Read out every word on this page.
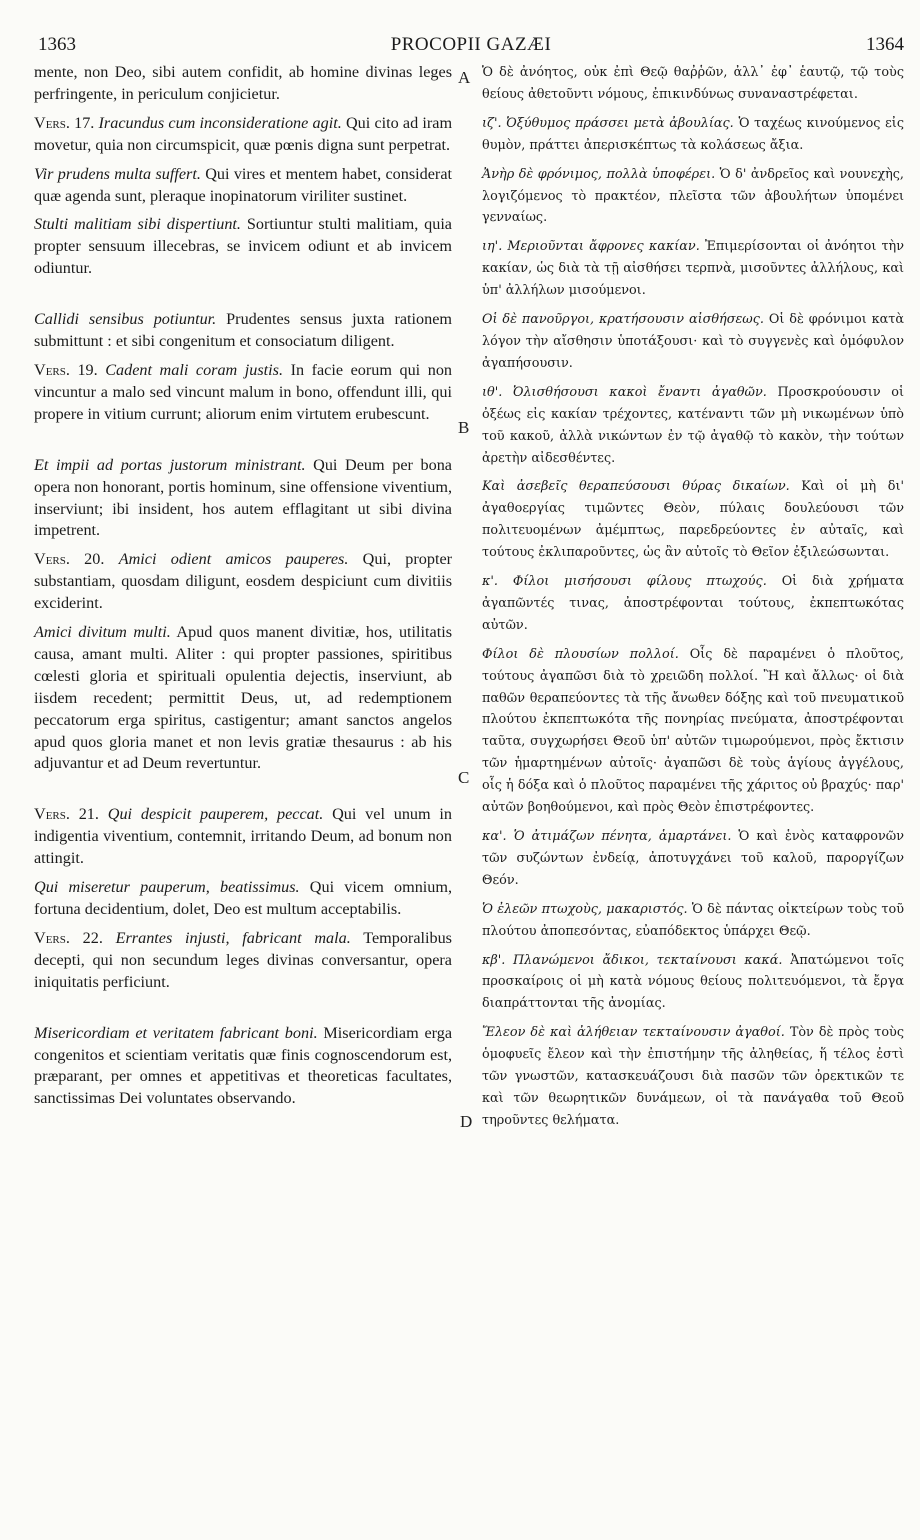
1363	PROCOPII GAZÆI	1364

mente, non Deo, sibi autem confidit, ab homine divinas leges perfringente, in periculum conjicietur.

Vers. 17. Iracundus cum inconsideratione agit. Qui cito ad iram movetur, quia non circumspicit, quæ pœnis digna sunt perpetrat.

Vir prudens multa suffert. Qui vires et mentem habet, considerat quæ agenda sunt, pleraque inopinatorum viriliter sustinet.

Stulti malitiam sibi dispertiunt. Sortiuntur stulti malitiam, quia propter sensuum illecebras, se invicem odiunt et ab invicem odiuntur.

Callidi sensibus potiuntur. Prudentes sensus juxta rationem submittunt : et sibi congenitum et consociatum diligent.

Vers. 19. Cadent mali coram justis. In facie eorum qui non vincuntur a malo sed vincunt malum in bono, offendunt illi, qui propere in vitium currunt; aliorum enim virtutem erubescunt.

Et impii ad portas justorum ministrant. Qui Deum per bona opera non honorant, portis hominum, sine offensione viventium, inserviunt; ibi insident, hos autem efflagitant ut sibi divina impetrent.

Vers. 20. Amici odient amicos pauperes. Qui, propter substantiam, quosdam diligunt, eosdem despiciunt cum divitiis exciderint.

Amici divitum multi. Apud quos manent divitiæ, hos, utilitatis causa, amant multi. Aliter : qui propter passiones, spiritibus cœlesti gloria et spirituali opulentia dejectis, inserviunt, ab iisdem recedent; permittit Deus, ut, ad redemptionem peccatorum erga spiritus, castigentur; amant sanctos angelos apud quos gloria manet et non levis gratiæ thesaurus : ab his adjuvantur et ad Deum revertuntur.

Vers. 21. Qui despicit pauperem, peccat. Qui vel unum in indigentia viventium, contemnit, irritando Deum, ad bonum non attingit.

Qui miseretur pauperum, beatissimus. Qui vicem omnium, fortuna decidentium, dolet, Deo est multum acceptabilis.

Vers. 22. Errantes injusti, fabricant mala. Temporalibus decepti, qui non secundum leges divinas conversantur, opera iniquitatis perficiunt.

Misericordiam et veritatem fabricant boni. Misericordiam erga congenitos et scientiam veritatis quæ finis cognoscendorum est, præparant, per omnes et appetitivas et theoreticas facultates, sanctissimas Dei voluntates observando.

A
B
C
D

Ὁ δὲ ἀνόητος, οὐκ ἐπὶ Θεῷ θαῤῥῶν, ἀλλ᾿ ἐφ᾿ ἑαυτῷ, τῷ τοὺς θείους ἀθετοῦντι νόμους, ἐπικινδύνως συναναστρέφεται.

ιζ'. Ὀξύθυμος πράσσει μετὰ ἀβουλίας. Ὁ ταχέως κινούμενος εἰς θυμὸν, πράττει ἀπερισκέπτως τὰ κολάσεως ἄξια.

Ἀνὴρ δὲ φρόνιμος, πολλὰ ὑποφέρει. Ὁ δ' ἀνδρεῖος καὶ νουνεχὴς, λογιζόμενος τὸ πρακτέον, πλεῖστα τῶν ἀβουλήτων ὑπομένει γενναίως.

ιη'. Μεριοῦνται ἄφρονες κακίαν. Ἐπιμερίσονται οἱ ἀνόητοι τὴν κακίαν, ὡς διὰ τὰ τῇ αἰσθήσει τερπνὰ, μισοῦντες ἀλλήλους, καὶ ὑπ' ἀλλήλων μισούμενοι.

Οἱ δὲ πανοῦργοι, κρατήσουσιν αἰσθήσεως. Οἱ δὲ φρόνιμοι κατὰ λόγον τὴν αἴσθησιν ὑποτάξουσι· καὶ τὸ συγγενὲς καὶ ὁμόφυλον ἀγαπήσουσιν.

ιθ'. Ὀλισθήσουσι κακοὶ ἔναντι ἀγαθῶν. Προσκρούουσιν οἱ ὀξέως εἰς κακίαν τρέχοντες, κατέναντι τῶν μὴ νικωμένων ὑπὸ τοῦ κακοῦ, ἀλλὰ νικώντων ἐν τῷ ἀγαθῷ τὸ κακὸν, τὴν τούτων ἀρετὴν αἰδεσθέντες.

Καὶ ἀσεβεῖς θεραπεύσουσι θύρας δικαίων. Καὶ οἱ μὴ δι' ἀγαθοεργίας τιμῶντες Θεὸν, πύλαις δουλεύουσι τῶν πολιτευομένων ἀμέμπτως, παρεδρεύοντες ἐν αὐταῖς, καὶ τούτους ἐκλιπαροῦντες, ὡς ἂν αὐτοῖς τὸ Θεῖον ἐξιλεώσωνται.

κ'. Φίλοι μισήσουσι φίλους πτωχούς. Οἱ διὰ χρήματα ἀγαπῶντές τινας, ἀποστρέφονται τούτους, ἐκπεπτωκότας αὐτῶν.

Φίλοι δὲ πλουσίων πολλοί. Οἷς δὲ παραμένει ὁ πλοῦτος, τούτους ἀγαπῶσι διὰ τὸ χρειῶδη πολλοί. Ἢ καὶ ἄλλως· οἱ διὰ παθῶν θεραπεύοντες τὰ τῆς ἄνωθεν δόξης καὶ τοῦ πνευματικοῦ πλούτου ἐκπεπτωκότα τῆς πονηρίας πνεύματα, ἀποστρέφονται ταῦτα, συγχωρήσει Θεοῦ ὑπ' αὐτῶν τιμωρούμενοι, πρὸς ἔκτισιν τῶν ἡμαρτημένων αὐτοῖς· ἀγαπῶσι δὲ τοὺς ἁγίους ἀγγέλους, οἷς ἡ δόξα καὶ ὁ πλοῦτος παραμένει τῆς χάριτος οὐ βραχύς· παρ' αὐτῶν βοηθούμενοι, καὶ πρὸς Θεὸν ἐπιστρέφοντες.

κα'. Ὁ ἀτιμάζων πένητα, ἁμαρτάνει. Ὁ καὶ ἑνὸς καταφρονῶν τῶν συζώντων ἐνδείᾳ, ἀποτυγχάνει τοῦ καλοῦ, παροργίζων Θεόν.

Ὁ ἐλεῶν πτωχοὺς, μακαριστός. Ὁ δὲ πάντας οἰκτείρων τοὺς τοῦ πλούτου ἀποπεσόντας, εὐαπόδεκτος ὑπάρχει Θεῷ.

κβ'. Πλανώμενοι ἄδικοι, τεκταίνουσι κακά. Ἀπατώμενοι τοῖς προσκαίροις οἱ μὴ κατὰ νόμους θείους πολιτευόμενοι, τὰ ἔργα διαπράττονται τῆς ἀνομίας.

Ἔλεον δὲ καὶ ἀλήθειαν τεκταίνουσιν ἀγαθοί. Τὸν δὲ πρὸς τοὺς ὁμοφυεῖς ἔλεον καὶ τὴν ἐπιστήμην τῆς ἀληθείας, ἥ τέλος ἐστὶ τῶν γνωστῶν, κατασκευάζουσι διὰ πασῶν τῶν ὀρεκτικῶν τε καὶ τῶν θεωρητικῶν δυνάμεων, οἱ τὰ πανάγαθα τοῦ Θεοῦ τηροῦντες θελήματα.
